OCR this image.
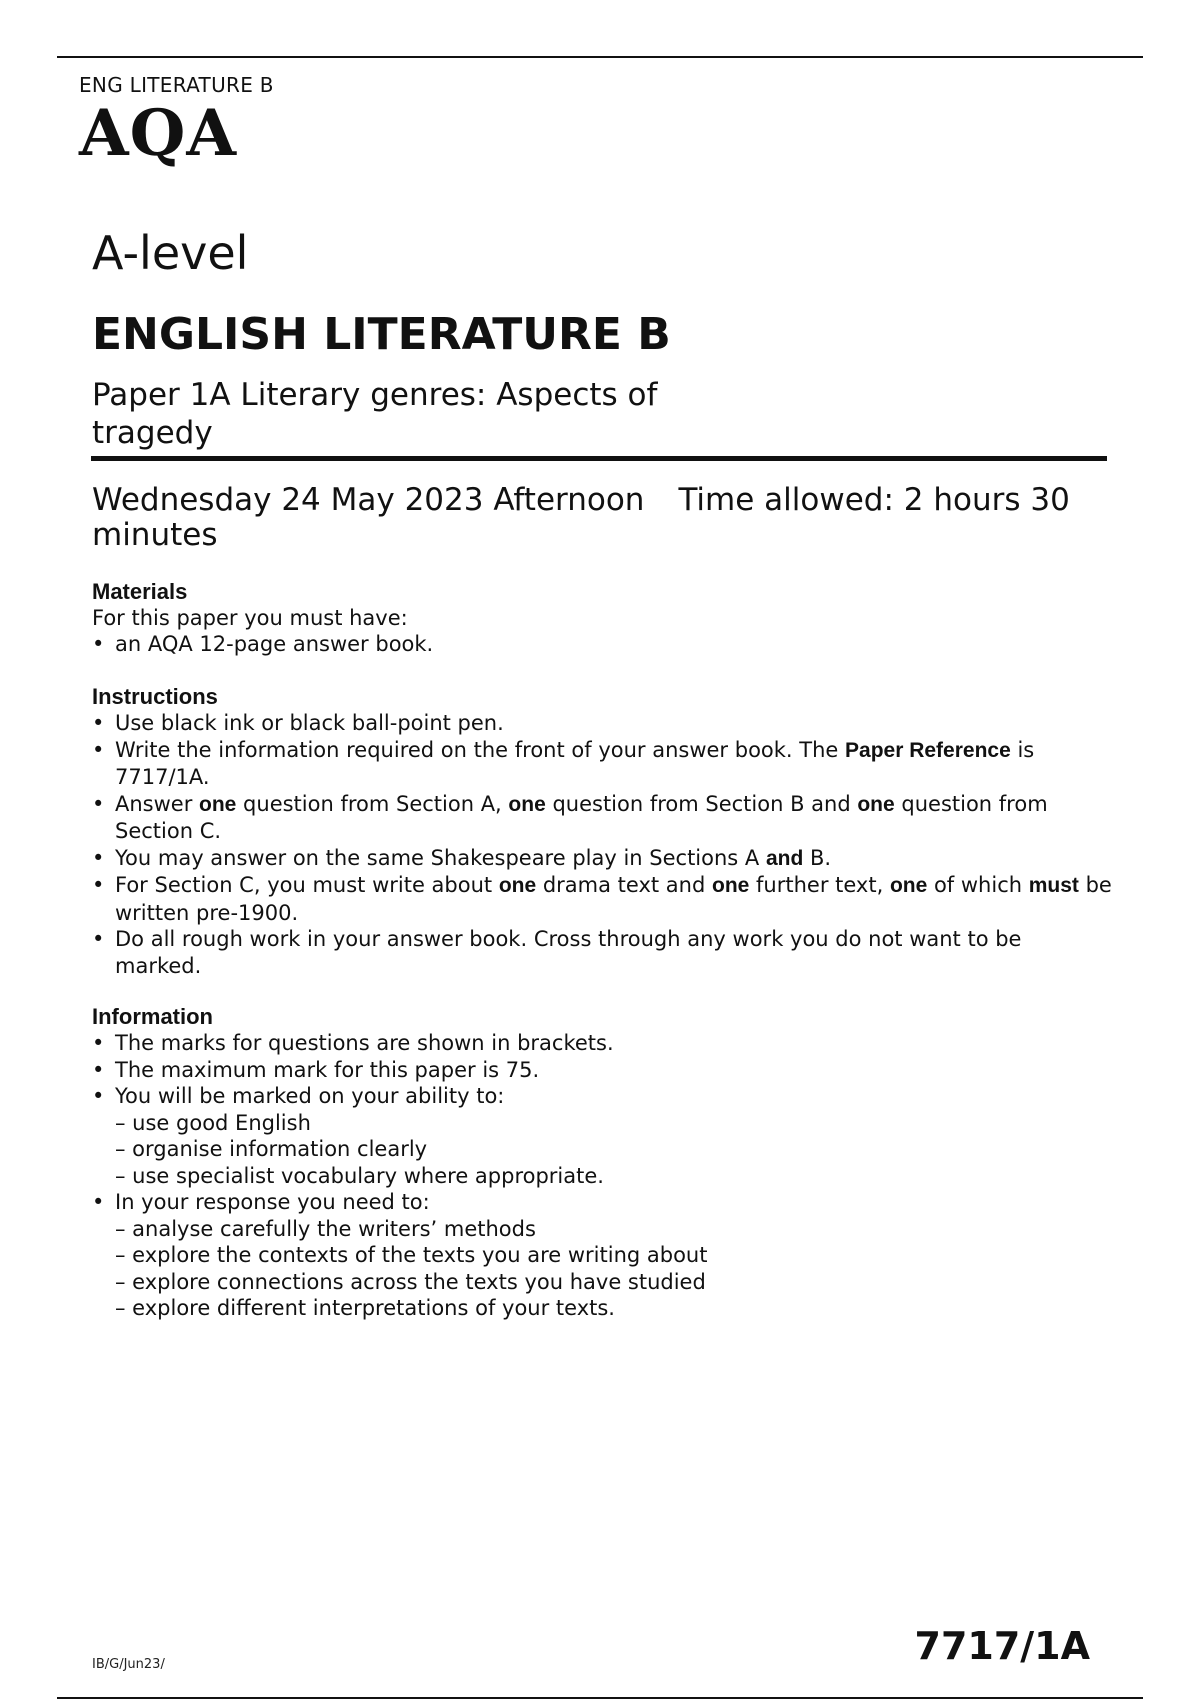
ENG LITERATURE B
AQA
A-level
ENGLISH LITERATURE B
Paper 1A Literary genres: Aspects of tragedy
Wednesday 24 May 2023 Afternoon Time allowed: 2 hours 30 minutes
Materials

For this paper you must have:

• an AQA 12-page answer book.
Instructions
• Use black ink or black ball-point pen.
• Write the information required on the front of your answer book. The Paper Reference is 7717/1A.
• Answer one question from Section A, one question from Section B and one question from Section C.
• You may answer on the same Shakespeare play in Sections A and B.
• For Section C, you must write about one drama text and one further text, one of which must be written pre-1900.
• Do all rough work in your answer book. Cross through any work you do not want to be marked.
Information
• The marks for questions are shown in brackets.
• The maximum mark for this paper is 75.
• You will be marked on your ability to:
– use good English
– organise information clearly
– use specialist vocabulary where appropriate.
• In your response you need to:
– analyse carefully the writers’ methods
– explore the contexts of the texts you are writing about
– explore connections across the texts you have studied
– explore different interpretations of your texts.
IB/G/Jun23/	7717/1A
